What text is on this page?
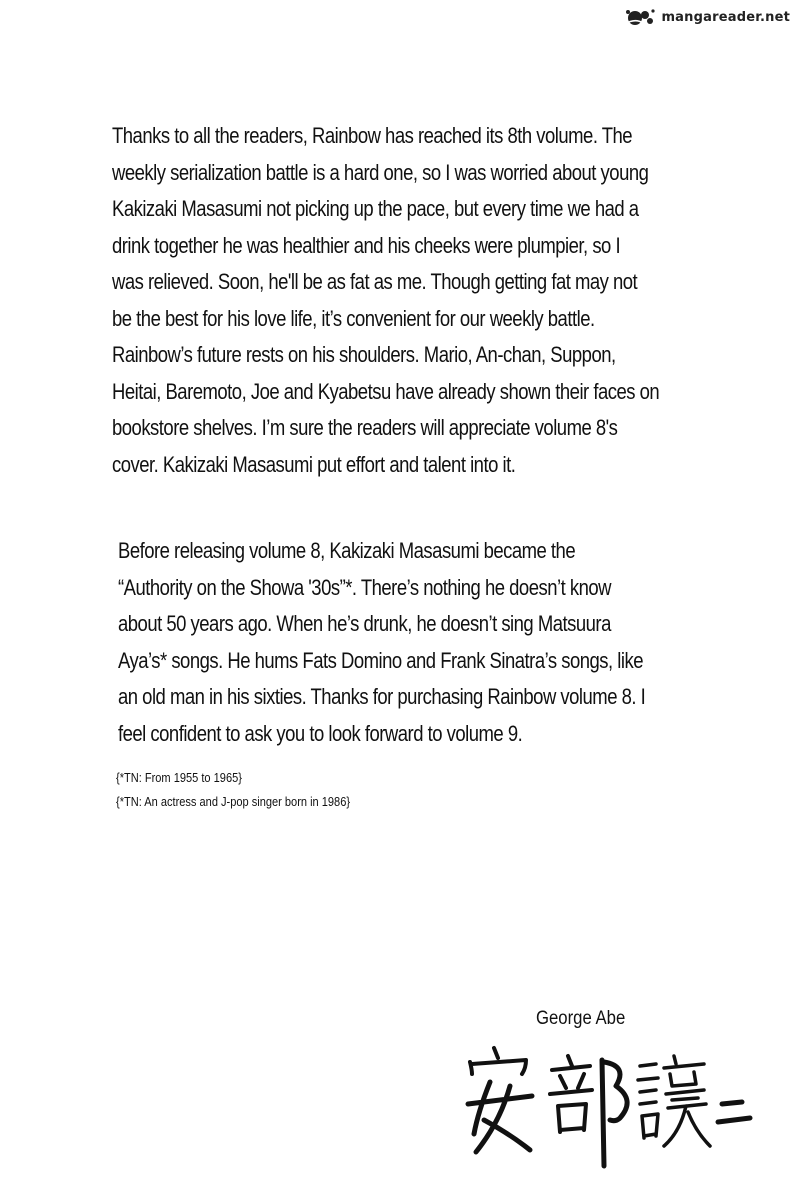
mangareader.net
Thanks to all the readers, Rainbow has reached its 8th volume. The
weekly serialization battle is a hard one, so I was worried about young
Kakizaki Masasumi not picking up the pace, but every time we had a
drink together he was healthier and his cheeks were plumpier, so I
was relieved. Soon, he'll be as fat as me. Though getting fat may not
be the best for his love life, it’s convenient for our weekly battle.
Rainbow’s future rests on his shoulders. Mario, An-chan, Suppon,
Heitai, Baremoto, Joe and Kyabetsu have already shown their faces on
bookstore shelves. I’m sure the readers will appreciate volume 8's
cover. Kakizaki Masasumi put effort and talent into it.
Before releasing volume 8, Kakizaki Masasumi became the
“Authority on the Showa '30s”*. There’s nothing he doesn’t know
about 50 years ago. When he’s drunk, he doesn’t sing Matsuura
Aya’s* songs. He hums Fats Domino and Frank Sinatra’s songs, like
an old man in his sixties. Thanks for purchasing Rainbow volume 8. I
feel confident to ask you to look forward to volume 9.
{*TN: From 1955 to 1965}
{*TN: An actress and J-pop singer born in 1986}
George Abe
